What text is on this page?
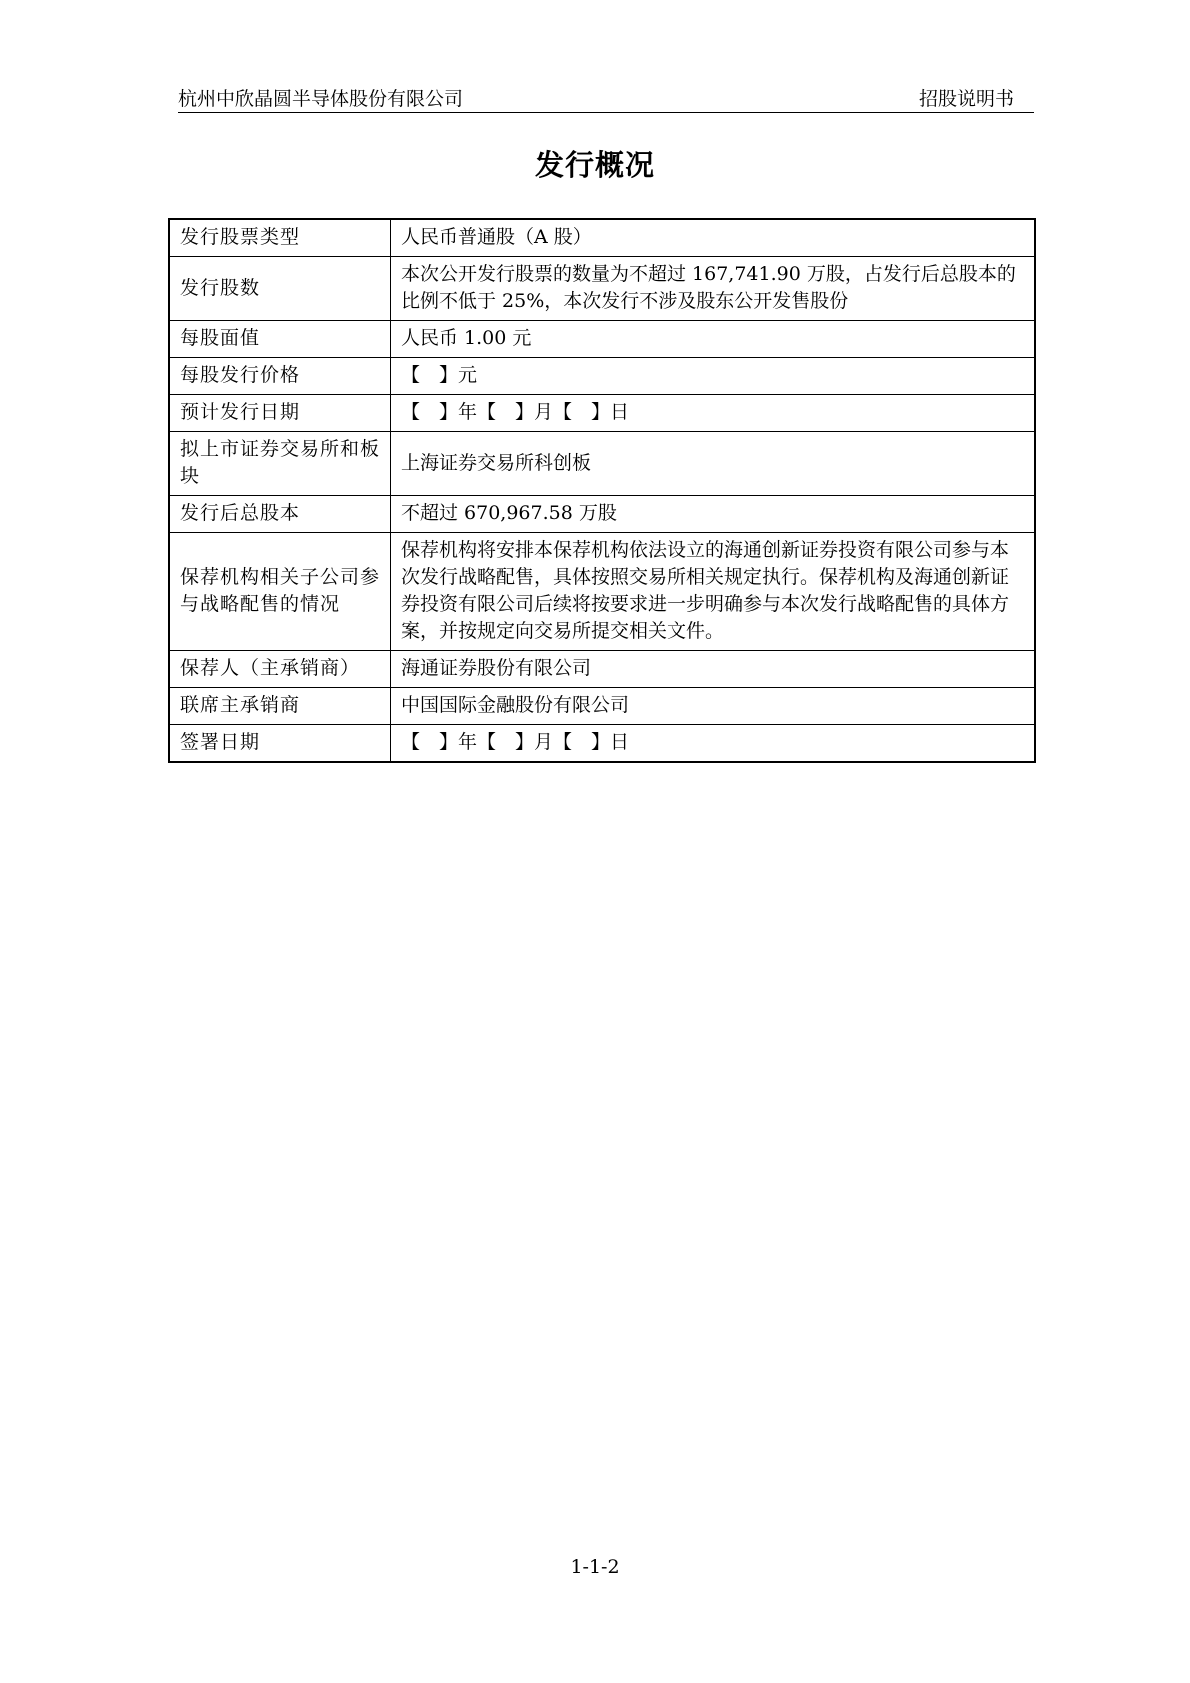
杭州中欣晶圆半导体股份有限公司	招股说明书
发行概况
发行股票类型	人民币普通股（A 股）
发行股数	本次公开发行股票的数量为不超过 167,741.90 万股，占发行后总股本的比例不低于 25%，本次发行不涉及股东公开发售股份
每股面值	人民币 1.00 元
每股发行价格	【　】元
预计发行日期	【　】年【　】月【　】日
拟上市证券交易所和板块	上海证券交易所科创板
发行后总股本	不超过 670,967.58 万股
保荐机构相关子公司参与战略配售的情况	保荐机构将安排本保荐机构依法设立的海通创新证券投资有限公司参与本次发行战略配售，具体按照交易所相关规定执行。保荐机构及海通创新证券投资有限公司后续将按要求进一步明确参与本次发行战略配售的具体方案，并按规定向交易所提交相关文件。
保荐人（主承销商）	海通证券股份有限公司
联席主承销商	中国国际金融股份有限公司
签署日期	【　】年【　】月【　】日
1-1-2
